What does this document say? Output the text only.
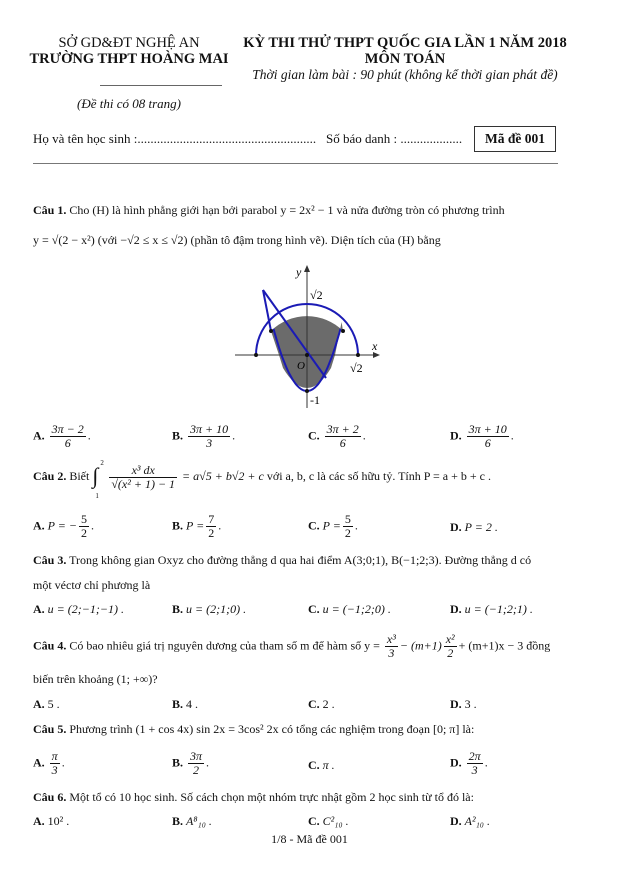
SỞ GD&ĐT NGHỆ AN
TRƯỜNG THPT HOÀNG MAI
(Đề thi có 08 trang)
KỲ THI THỬ THPT QUỐC GIA LẦN 1 NĂM 2018
MÔN TOÁN
Thời gian làm bài : 90 phút (không kể thời gian phát đề)
Họ và tên học sinh :....................................................... Số báo danh : ...................	Mã đề 001
Câu 1. Cho (H) là hình phẳng giới hạn bởi parabol y = 2x² − 1 và nửa đường tròn có phương trình
y = √(2 − x²) (với −√2 ≤ x ≤ √2) (phần tô đậm trong hình vẽ). Diện tích của (H) bằng
y
x
O
√2
√2
-1
A. $\frac{3\pi - 2}{6}$ .	B. $\frac{3\pi + 10}{3}$ .	C. $\frac{3\pi + 2}{6}$ .	D. $\frac{3\pi + 10}{6}$ .
Câu 2. Biết ∫ 2
1

$\frac{\text{x³ dx}}{\text{√(x² + 1) − 1}} = a√5 + b√2 + c$ với a, b, c là các số hữu tỷ. Tính P = a + b + c .
A. P = − $\frac{5}{2}$ .	B. $P = \frac{7}{2}$ .	C. $P = \frac{5}{2}$ .	D. P = 2 .
Câu 3. Trong không gian Oxyz cho đường thẳng d qua hai điểm A(3;0;1), B(−1;2;3). Đường thẳng d có
một véctơ chỉ phương là
A. u = (2;−1;−1) .	B. u = (2;1;0) .	C. u = (−1;2;0) .	D. u = (−1;2;1) .
Câu 4. Có bao nhiêu giá trị nguyên dương của tham số m để hàm số $y = \frac{\text{x³}}{3} - (m+1) \frac{\text{x²}}{2} + (m+1)x - 3$ đồng
biến trên khoảng (1; +∞)?
A. 5 .	B. 4 .	C. 2 .	D. 3 .
Câu 5. Phương trình (1 + cos 4x) sin 2x = 3cos² 2x có tổng các nghiệm trong đoạn [0; π] là:
A. $\frac{\pi}{3}$ .	B. $\frac{3\pi}{2}$ .	C. π .	D. $\frac{2\pi}{3}$ .
Câu 6. Một tổ có 10 học sinh. Số cách chọn một nhóm trực nhật gồm 2 học sinh từ tổ đó là:
A. 10² .	B. A⁸₁₀ .	C. C²₁₀ .	D. A²₁₀ .
1/8 - Mã đề 001
